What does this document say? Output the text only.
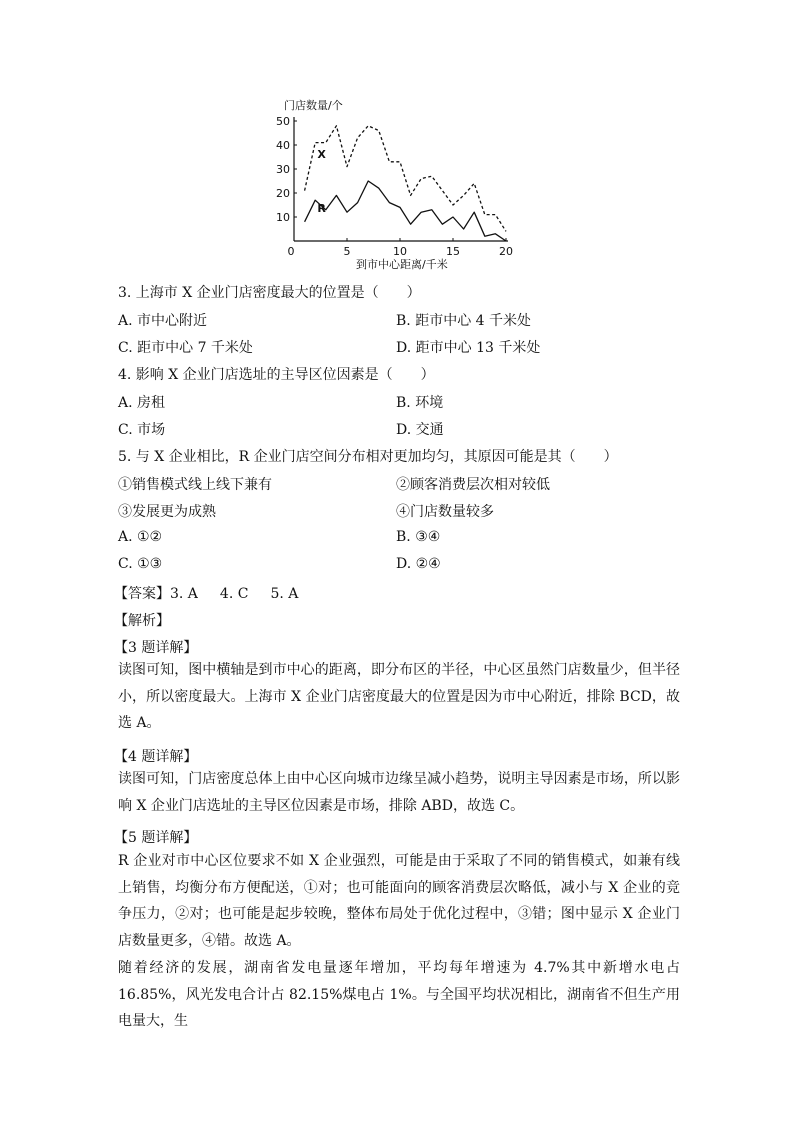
门店数量/个
到市中心距离/千米
0	5	10	15	20
10
20
30
40
50
X
R
3. 上海市 X 企业门店密度最大的位置是（　　）
A. 市中心附近	B. 距市中心 4 千米处
C. 距市中心 7 千米处	D. 距市中心 13 千米处
4. 影响 X 企业门店选址的主导区位因素是（　　）
A. 房租	B. 环境
C. 市场	D. 交通
5. 与 X 企业相比，R 企业门店空间分布相对更加均匀，其原因可能是其（　　）
①销售模式线上线下兼有	②顾客消费层次相对较低
③发展更为成熟	④门店数量较多
A. ①②	B. ③④
C. ①③	D. ②④
【答案】3. A 4. C 5. A
【解析】
【3 题详解】
读图可知，图中横轴是到市中心的距离，即分布区的半径，中心区虽然门店数量少，但半径小，所以密度最大。上海市 X 企业门店密度最大的位置是因为市中心附近，排除 BCD，故选 A。
【4 题详解】
读图可知，门店密度总体上由中心区向城市边缘呈减小趋势，说明主导因素是市场，所以影响 X 企业门店选址的主导区位因素是市场，排除 ABD，故选 C。
【5 题详解】
R 企业对市中心区位要求不如 X 企业强烈，可能是由于采取了不同的销售模式，如兼有线上销售，均衡分布方便配送，①对；也可能面向的顾客消费层次略低，减小与 X 企业的竞争压力，②对；也可能是起步较晚，整体布局处于优化过程中，③错；图中显示 X 企业门店数量更多，④错。故选 A。
随着经济的发展，湖南省发电量逐年增加，平均每年增速为 4.7%其中新增水电占 16.85%，风光发电合计占 82.15%煤电占 1%。与全国平均状况相比，湖南省不但生产用电量大，生
